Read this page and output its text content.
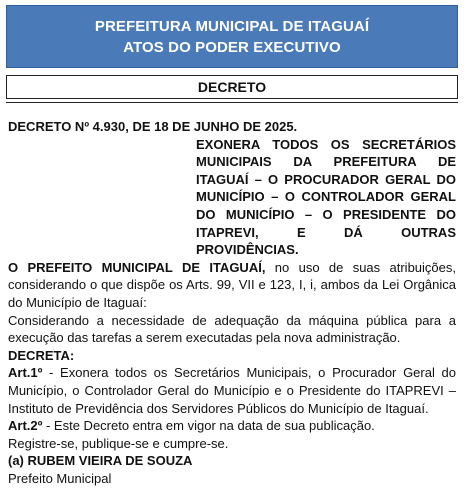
PREFEITURA MUNICIPAL DE ITAGUAÍ
ATOS DO PODER EXECUTIVO
DECRETO

DECRETO Nº 4.930, DE 18 DE JUNHO DE 2025.

EXONERA TODOS OS SECRETÁRIOS MUNICIPAIS DA PREFEITURA DE ITAGUAÍ – O PROCURADOR GERAL DO MUNICÍPIO – O CONTROLADOR GERAL DO MUNICÍPIO – O PRESIDENTE DO ITAPREVI, E DÁ OUTRAS PROVIDÊNCIAS.

O PREFEITO MUNICIPAL DE ITAGUAÍ, no uso de suas atribuições, considerando o que dispõe os Arts. 99, VII e 123, I, i, ambos da Lei Orgânica do Município de Itaguaí:

Considerando a necessidade de adequação da máquina pública para a execução das tarefas a serem executadas pela nova administração.

DECRETA:

Art.1º - Exonera todos os Secretários Municipais, o Procurador Geral do Município, o Controlador Geral do Município e o Presidente do ITAPREVI – Instituto de Previdência dos Servidores Públicos do Município de Itaguaí.

Art.2º - Este Decreto entra em vigor na data de sua publicação.

Registre-se, publique-se e cumpre-se.

(a) RUBEM VIEIRA DE SOUZA

Prefeito Municipal
